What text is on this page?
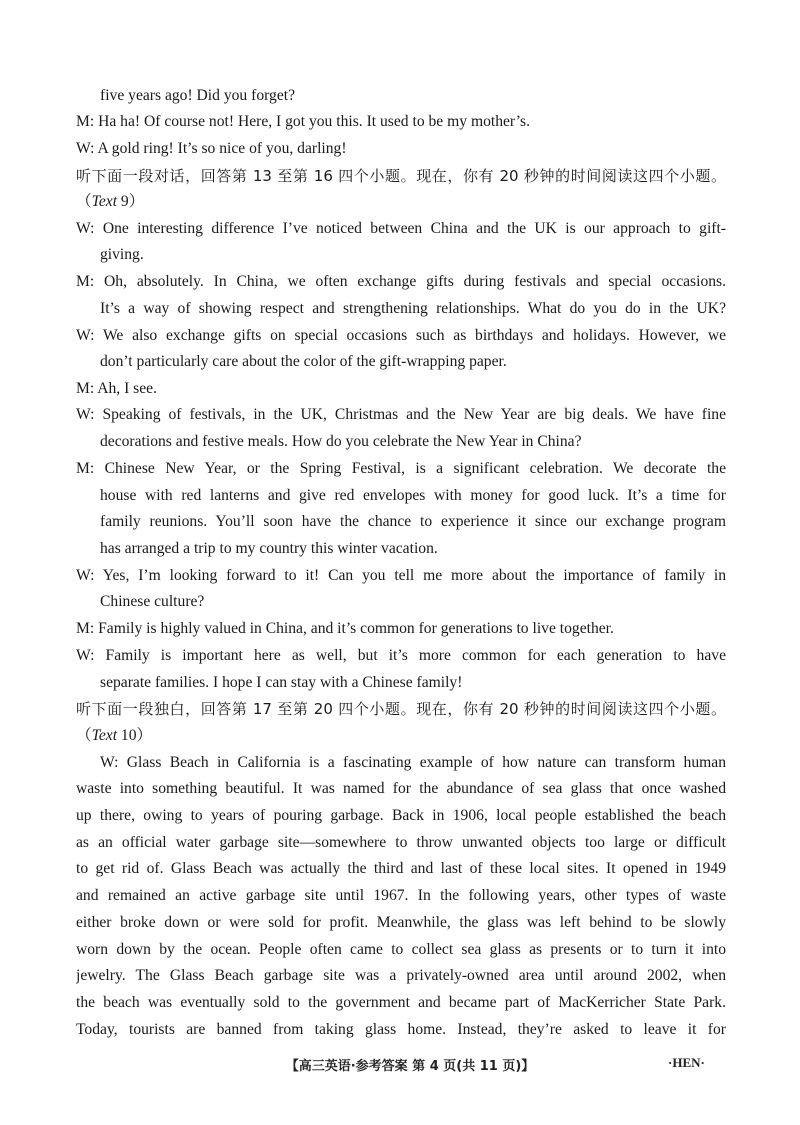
five years ago! Did you forget?
M: Ha ha! Of course not! Here, I got you this. It used to be my mother’s.
W: A gold ring! It’s so nice of you, darling!
听下面一段对话，回答第 13 至第 16 四个小题。现在，你有 20 秒钟的时间阅读这四个小题。
（Text 9）
W: One interesting difference I’ve noticed between China and the UK is our approach to gift-
giving.
M: Oh, absolutely. In China, we often exchange gifts during festivals and special occasions.
It’s a way of showing respect and strengthening relationships. What do you do in the UK?
W: We also exchange gifts on special occasions such as birthdays and holidays. However, we
don’t particularly care about the color of the gift-wrapping paper.
M: Ah, I see.
W: Speaking of festivals, in the UK, Christmas and the New Year are big deals. We have fine
decorations and festive meals. How do you celebrate the New Year in China?
M: Chinese New Year, or the Spring Festival, is a significant celebration. We decorate the
house with red lanterns and give red envelopes with money for good luck. It’s a time for
family reunions. You’ll soon have the chance to experience it since our exchange program
has arranged a trip to my country this winter vacation.
W: Yes, I’m looking forward to it! Can you tell me more about the importance of family in
Chinese culture?
M: Family is highly valued in China, and it’s common for generations to live together.
W: Family is important here as well, but it’s more common for each generation to have
separate families. I hope I can stay with a Chinese family!
听下面一段独白，回答第 17 至第 20 四个小题。现在，你有 20 秒钟的时间阅读这四个小题。
（Text 10）
W: Glass Beach in California is a fascinating example of how nature can transform human
waste into something beautiful. It was named for the abundance of sea glass that once washed
up there, owing to years of pouring garbage. Back in 1906, local people established the beach
as an official water garbage site—somewhere to throw unwanted objects too large or difficult
to get rid of. Glass Beach was actually the third and last of these local sites. It opened in 1949
and remained an active garbage site until 1967. In the following years, other types of waste
either broke down or were sold for profit. Meanwhile, the glass was left behind to be slowly
worn down by the ocean. People often came to collect sea glass as presents or to turn it into
jewelry. The Glass Beach garbage site was a privately-owned area until around 2002, when
the beach was eventually sold to the government and became part of MacKerricher State Park.
Today, tourists are banned from taking glass home. Instead, they’re asked to leave it for
【高三英语·参考答案 第 4 页(共 11 页)】	·HEN·
